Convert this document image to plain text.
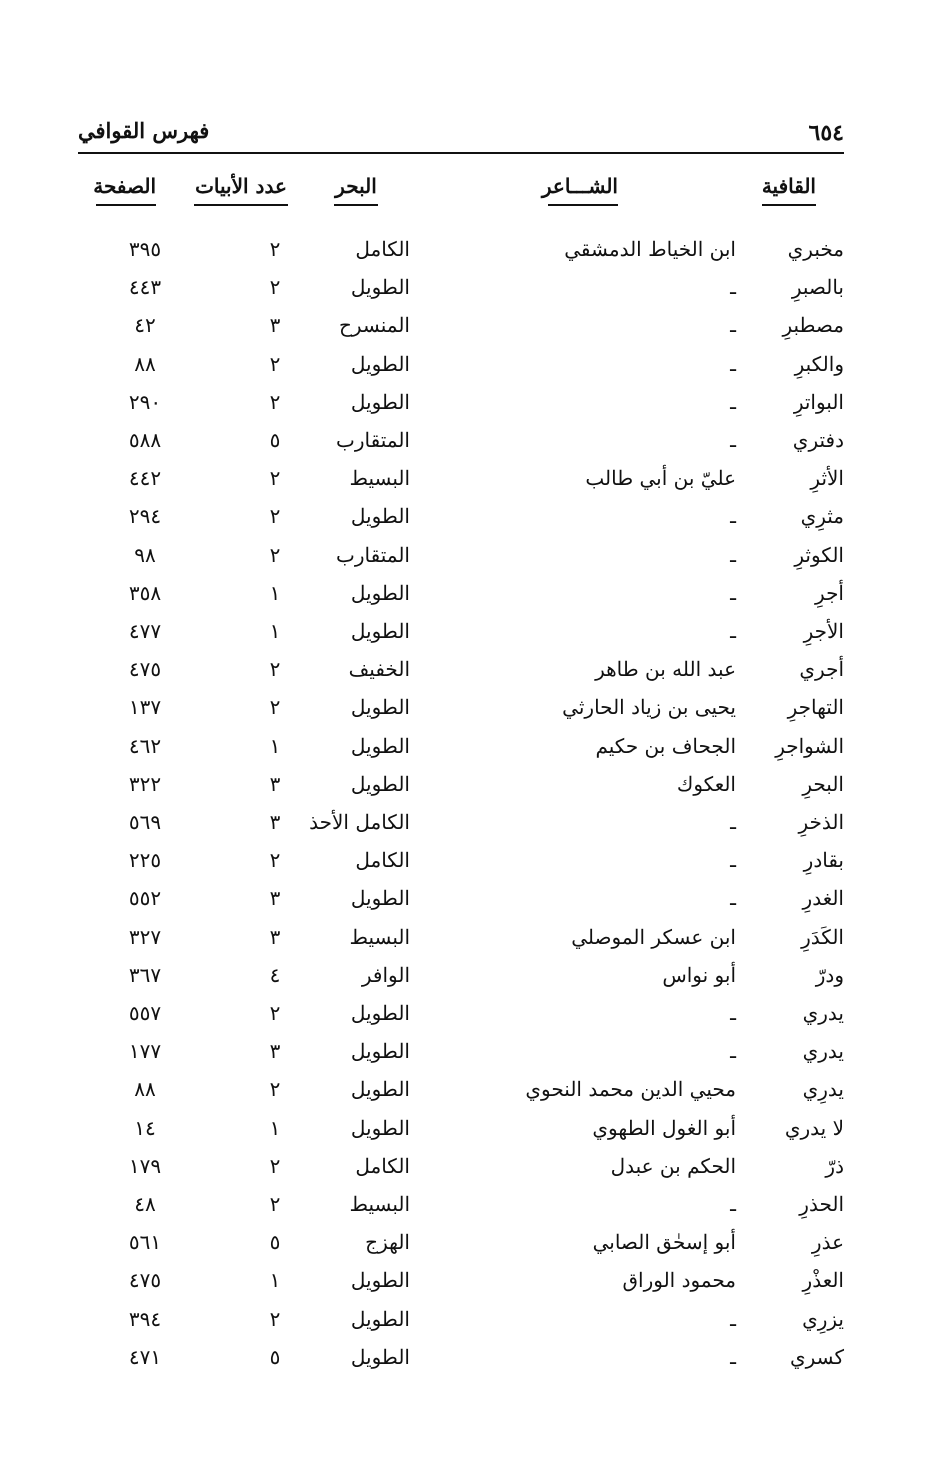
٦٥٤
فهرس القوافي
القافية
الشـــاعر
البحر
عدد الأبيات
الصفحة
مخبري
ابن الخياط الدمشقي
الكامل
٢
٣٩٥
بالصبرِ
ـ
الطويل
٢
٤٤٣
مصطبرِ
ـ
المنسرح
٣
٤٢
والكبرِ
ـ
الطويل
٢
٨٨
البواترِ
ـ
الطويل
٢
٢٩٠
دفتري
ـ
المتقارب
٥
٥٨٨
الأثرِ
عليّ بن أبي طالب
البسيط
٢
٤٤٢
مثرِي
ـ
الطويل
٢
٢٩٤
الكوثرِ
ـ
المتقارب
٢
٩٨
أجرِ
ـ
الطويل
١
٣٥٨
الأجرِ
ـ
الطويل
١
٤٧٧
أجري
عبد الله بن طاهر
الخفيف
٢
٤٧٥
التهاجرِ
يحيى بن زياد الحارثي
الطويل
٢
١٣٧
الشواجرِ
الجحاف بن حكيم
الطويل
١
٤٦٢
البحرِ
العكوك
الطويل
٣
٣٢٢
الذخرِ
ـ
الكامل الأحذ
٣
٥٦٩
بقادرِ
ـ
الكامل
٢
٢٢٥
الغدرِ
ـ
الطويل
٣
٥٥٢
الكَدَرِ
ابن عسكر الموصلي
البسيط
٣
٣٢٧
ودرّ
أبو نواس
الوافر
٤
٣٦٧
يدري
ـ
الطويل
٢
٥٥٧
يدري
ـ
الطويل
٣
١٧٧
يدرِي
محيي الدين محمد النحوي
الطويل
٢
٨٨
لا يدري
أبو الغول الطهوي
الطويل
١
١٤
ذرّ
الحكم بن عبدل
الكامل
٢
١٧٩
الحذرِ
ـ
البسيط
٢
٤٨
عذرِ
أبو إسحٰق الصابي
الهزج
٥
٥٦١
العذْرِ
محمود الوراق
الطويل
١
٤٧٥
يزرِي
ـ
الطويل
٢
٣٩٤
كسري
ـ
الطويل
٥
٤٧١
